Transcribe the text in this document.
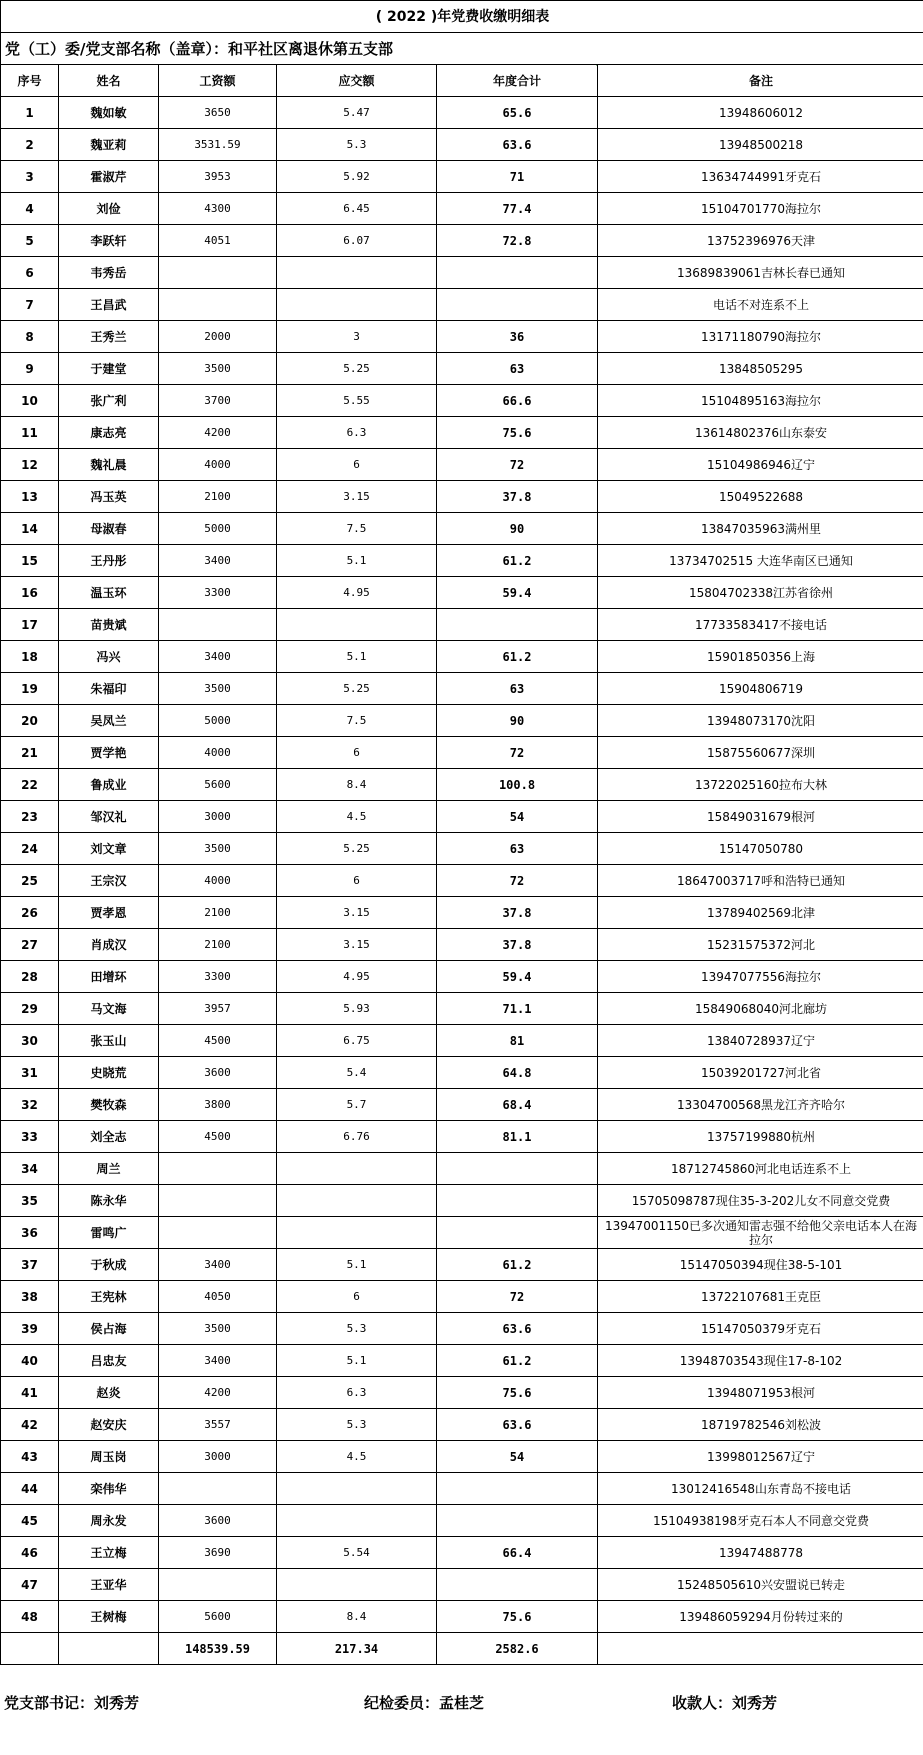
( 2022 )年党费收缴明细表					
党（工）委/党支部名称（盖章）：和平社区离退休第五支部					
序号	姓名	工资额	应交额	年度合计	备注
1	魏如敏	3650	5.47	65.6	13948606012
2	魏亚莉	3531.59	5.3	63.6	13948500218
3	霍淑芹	3953	5.92	71	13634744991牙克石
4	刘俭	4300	6.45	77.4	15104701770海拉尔
5	李跃轩	4051	6.07	72.8	13752396976天津
6	韦秀岳				13689839061吉林长春已通知
7	王昌武				电话不对连系不上
8	王秀兰	2000	3	36	13171180790海拉尔
9	于建堂	3500	5.25	63	13848505295
10	张广利	3700	5.55	66.6	15104895163海拉尔
11	康志亮	4200	6.3	75.6	13614802376山东泰安
12	魏礼晨	4000	6	72	15104986946辽宁
13	冯玉英	2100	3.15	37.8	15049522688
14	母淑春	5000	7.5	90	13847035963满州里
15	王丹彤	3400	5.1	61.2	13734702515 大连华南区已通知
16	温玉环	3300	4.95	59.4	15804702338江苏省徐州
17	苗贵斌				17733583417不接电话
18	冯兴	3400	5.1	61.2	15901850356上海
19	朱福印	3500	5.25	63	15904806719
20	吴凤兰	5000	7.5	90	13948073170沈阳
21	贾学艳	4000	6	72	15875560677深圳
22	鲁成业	5600	8.4	100.8	13722025160拉布大林
23	邹汉礼	3000	4.5	54	15849031679根河
24	刘文章	3500	5.25	63	15147050780
25	王宗汉	4000	6	72	18647003717呼和浩特已通知
26	贾孝恩	2100	3.15	37.8	13789402569北津
27	肖成汉	2100	3.15	37.8	15231575372河北
28	田增环	3300	4.95	59.4	13947077556海拉尔
29	马文海	3957	5.93	71.1	15849068040河北廊坊
30	张玉山	4500	6.75	81	13840728937辽宁
31	史晓荒	3600	5.4	64.8	15039201727河北省
32	樊牧森	3800	5.7	68.4	13304700568黑龙江齐齐哈尔
33	刘全志	4500	6.76	81.1	13757199880杭州
34	周兰				18712745860河北电话连系不上
35	陈永华				15705098787现住35-3-202儿女不同意交党费
36	雷鸣广				13947001150已多次通知雷志强不给他父亲电话本人在海拉尔
37	于秋成	3400	5.1	61.2	15147050394现住38-5-101
38	王宪林	4050	6	72	13722107681王克臣
39	侯占海	3500	5.3	63.6	15147050379牙克石
40	吕忠友	3400	5.1	61.2	13948703543现住17-8-102
41	赵炎	4200	6.3	75.6	13948071953根河
42	赵安庆	3557	5.3	63.6	18719782546刘松波
43	周玉岗	3000	4.5	54	13998012567辽宁
44	栾伟华				13012416548山东青岛不接电话
45	周永发	3600			15104938198牙克石本人不同意交党费
46	王立梅	3690	5.54	66.4	13947488778
47	王亚华				15248505610兴安盟说已转走
48	王树梅	5600	8.4	75.6	139486059294月份转过来的
		148539.59	217.34	2582.6	
党支部书记：刘秀芳	纪检委员：孟桂芝	收款人：刘秀芳
